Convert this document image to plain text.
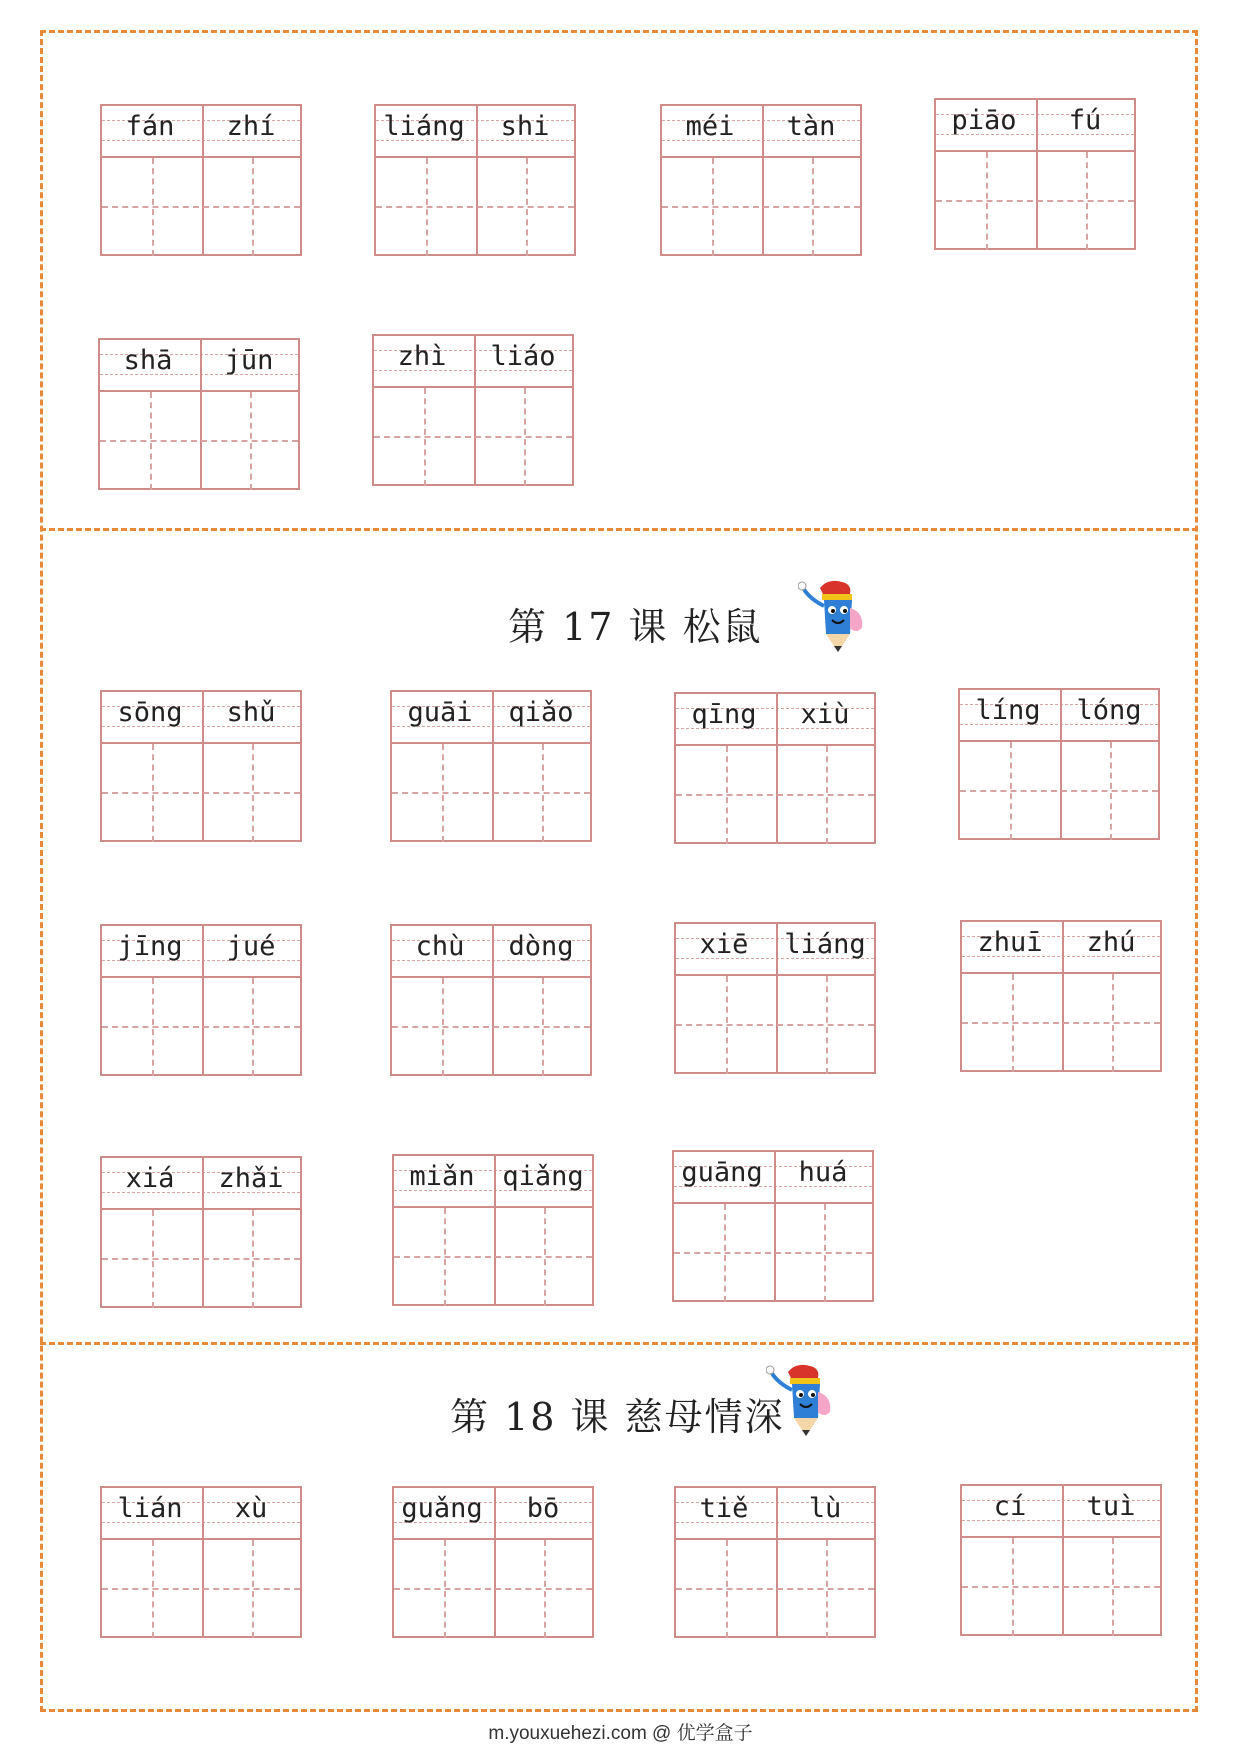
第 17 课 松鼠
第 18 课 慈母情深
fán	zhí	liáng	shi	méi	tàn	piāo	fú
shā	jūn	zhì	liáo
sōng	shǔ	guāi	qiǎo	qīng	xiù	líng	lóng
jīng	jué	chù	dòng	xiē	liáng	zhuī	zhú
xiá	zhǎi	miǎn	qiǎng	guāng	huá
lián	xù	guǎng	bō	tiě	lù	cí	tuì
m.youxuehezi.com @ 优学盒子
